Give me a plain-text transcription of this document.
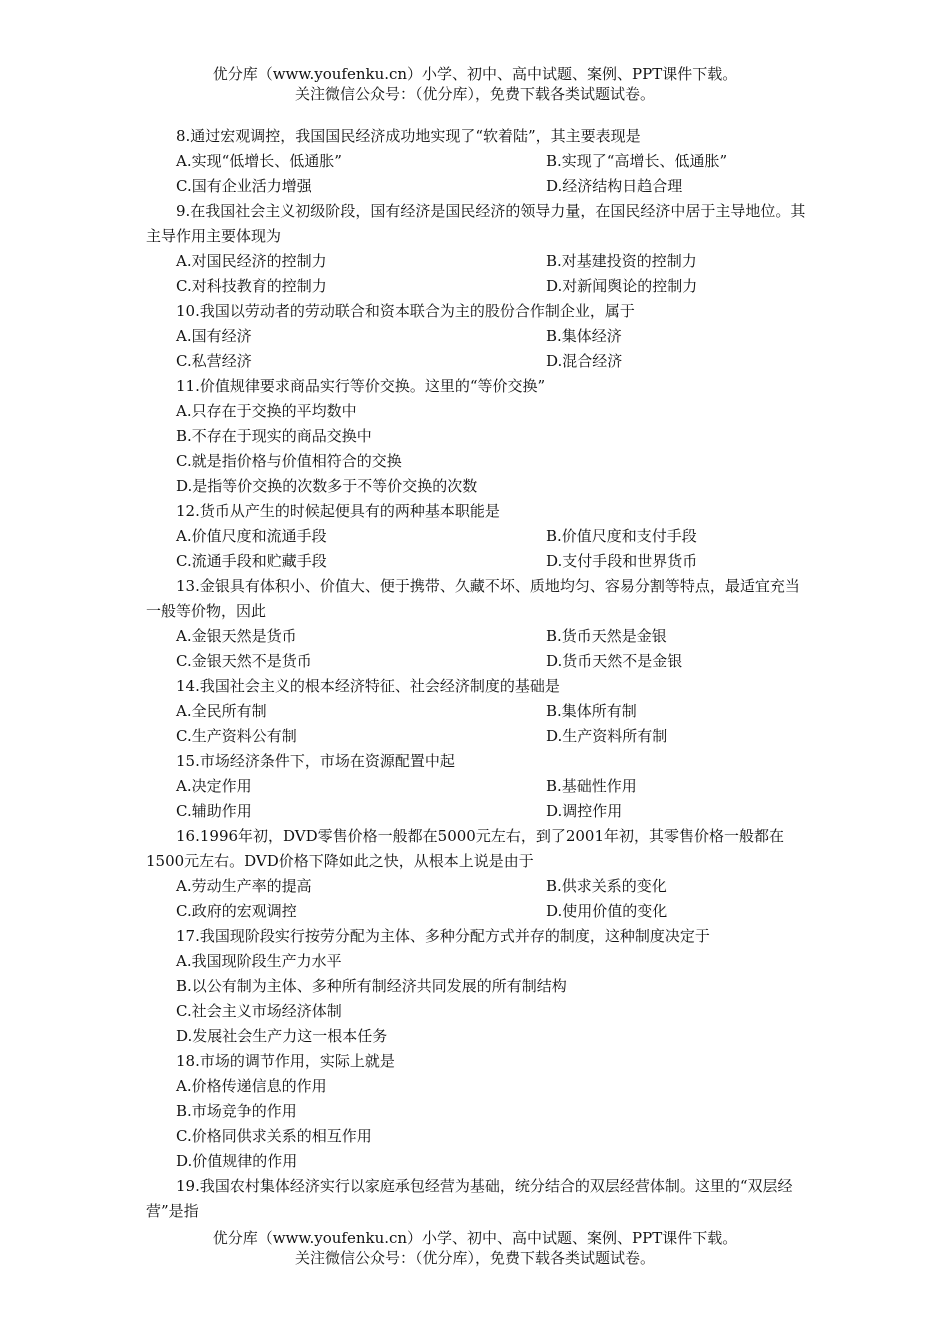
优分库（www.youfenku.cn）小学、初中、高中试题、案例、PPT课件下载。
关注微信公众号：（优分库），免费下载各类试题试卷。
8.通过宏观调控，我国国民经济成功地实现了“软着陆”，其主要表现是
A.实现“低增长、低通胀”	B.实现了“高增长、低通胀”
C.国有企业活力增强	D.经济结构日趋合理
9.在我国社会主义初级阶段，国有经济是国民经济的领导力量，在国民经济中居于主导地位。其主导作用主要体现为
A.对国民经济的控制力	B.对基建投资的控制力
C.对科技教育的控制力	D.对新闻舆论的控制力
10.我国以劳动者的劳动联合和资本联合为主的股份合作制企业，属于
A.国有经济	B.集体经济
C.私营经济	D.混合经济
11.价值规律要求商品实行等价交换。这里的“等价交换”
A.只存在于交换的平均数中
B.不存在于现实的商品交换中
C.就是指价格与价值相符合的交换
D.是指等价交换的次数多于不等价交换的次数
12.货币从产生的时候起便具有的两种基本职能是
A.价值尺度和流通手段	B.价值尺度和支付手段
C.流通手段和贮藏手段	D.支付手段和世界货币
13.金银具有体积小、价值大、便于携带、久藏不坏、质地均匀、容易分割等特点，最适宜充当一般等价物，因此
A.金银天然是货币	B.货币天然是金银
C.金银天然不是货币	D.货币天然不是金银
14.我国社会主义的根本经济特征、社会经济制度的基础是
A.全民所有制	B.集体所有制
C.生产资料公有制	D.生产资料所有制
15.市场经济条件下，市场在资源配置中起
A.决定作用	B.基础性作用
C.辅助作用	D.调控作用
16.1996年初，DVD零售价格一般都在5000元左右，到了2001年初，其零售价格一般都在1500元左右。DVD价格下降如此之快，从根本上说是由于
A.劳动生产率的提高	B.供求关系的变化
C.政府的宏观调控	D.使用价值的变化
17.我国现阶段实行按劳分配为主体、多种分配方式并存的制度，这种制度决定于
A.我国现阶段生产力水平
B.以公有制为主体、多种所有制经济共同发展的所有制结构
C.社会主义市场经济体制
D.发展社会生产力这一根本任务
18.市场的调节作用，实际上就是
A.价格传递信息的作用
B.市场竞争的作用
C.价格同供求关系的相互作用
D.价值规律的作用
19.我国农村集体经济实行以家庭承包经营为基础，统分结合的双层经营体制。这里的“双层经营”是指
优分库（www.youfenku.cn）小学、初中、高中试题、案例、PPT课件下载。
关注微信公众号：（优分库），免费下载各类试题试卷。
